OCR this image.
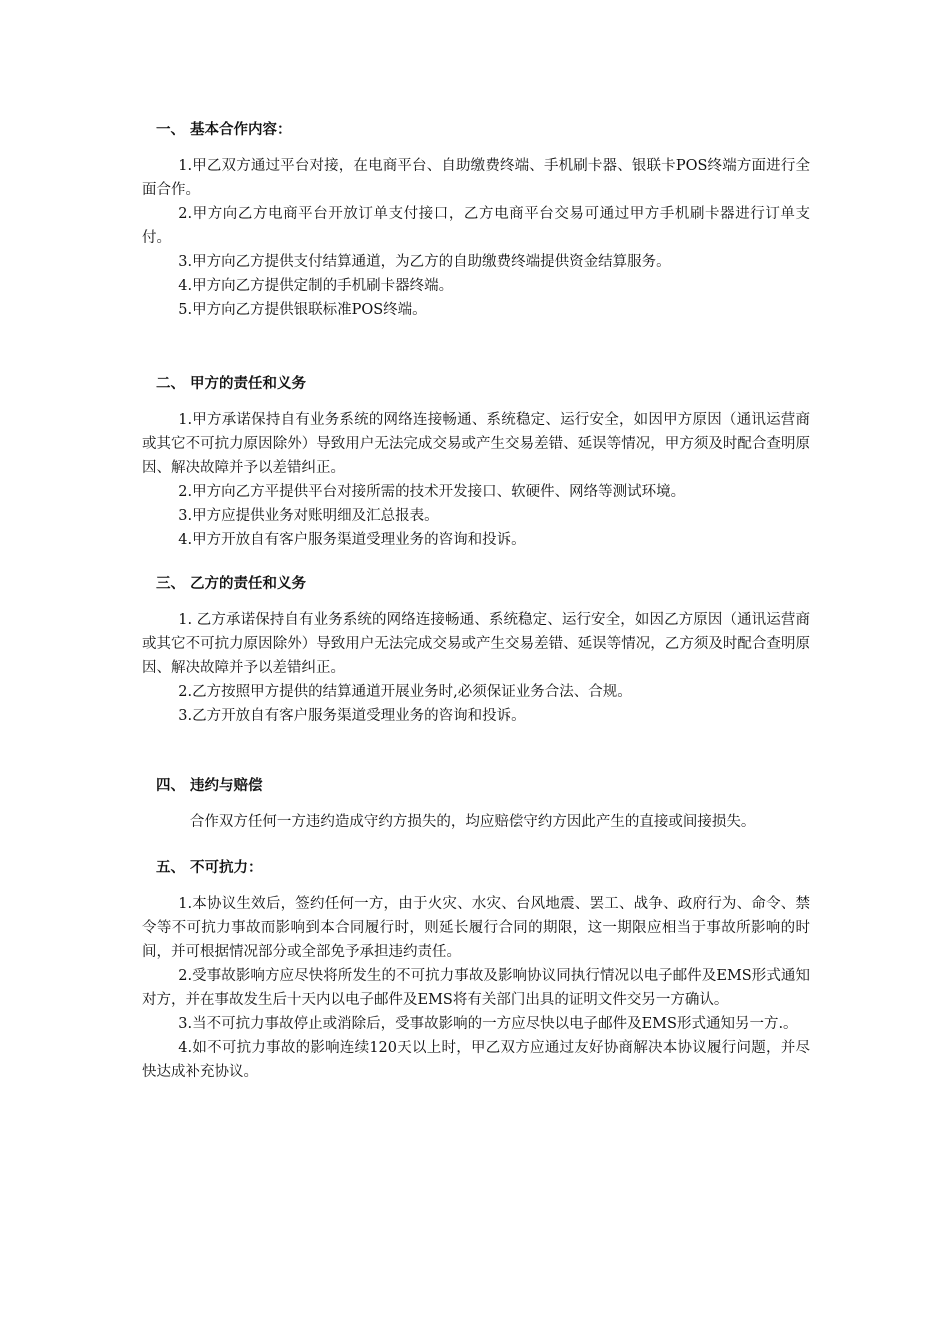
一、 基本合作内容：

1.甲乙双方通过平台对接，在电商平台、自助缴费终端、手机刷卡器、银联卡POS终端方面进行全面合作。

2.甲方向乙方电商平台开放订单支付接口，乙方电商平台交易可通过甲方手机刷卡器进行订单支付。

3.甲方向乙方提供支付结算通道，为乙方的自助缴费终端提供资金结算服务。

4.甲方向乙方提供定制的手机刷卡器终端。

5.甲方向乙方提供银联标准POS终端。

二、 甲方的责任和义务

1.甲方承诺保持自有业务系统的网络连接畅通、系统稳定、运行安全，如因甲方原因（通讯运营商或其它不可抗力原因除外）导致用户无法完成交易或产生交易差错、延误等情况，甲方须及时配合查明原因、解决故障并予以差错纠正。

2.甲方向乙方平提供平台对接所需的技术开发接口、软硬件、网络等测试环境。

3.甲方应提供业务对账明细及汇总报表。

4.甲方开放自有客户服务渠道受理业务的咨询和投诉。

三、 乙方的责任和义务

1. 乙方承诺保持自有业务系统的网络连接畅通、系统稳定、运行安全，如因乙方原因（通讯运营商或其它不可抗力原因除外）导致用户无法完成交易或产生交易差错、延误等情况，乙方须及时配合查明原因、解决故障并予以差错纠正。

2.乙方按照甲方提供的结算通道开展业务时,必须保证业务合法、合规。

3.乙方开放自有客户服务渠道受理业务的咨询和投诉。

四、 违约与赔偿

合作双方任何一方违约造成守约方损失的，均应赔偿守约方因此产生的直接或间接损失。

五、 不可抗力：

1.本协议生效后，签约任何一方，由于火灾、水灾、台风地震、罢工、战争、政府行为、命令、禁令等不可抗力事故而影响到本合同履行时，则延长履行合同的期限，这一期限应相当于事故所影响的时间，并可根据情况部分或全部免予承担违约责任。

2.受事故影响方应尽快将所发生的不可抗力事故及影响协议同执行情况以电子邮件及EMS形式通知对方，并在事故发生后十天内以电子邮件及EMS将有关部门出具的证明文件交另一方确认。

3.当不可抗力事故停止或消除后，受事故影响的一方应尽快以电子邮件及EMS形式通知另一方.。

4.如不可抗力事故的影响连续120天以上时，甲乙双方应通过友好协商解决本协议履行问题，并尽快达成补充协议。
